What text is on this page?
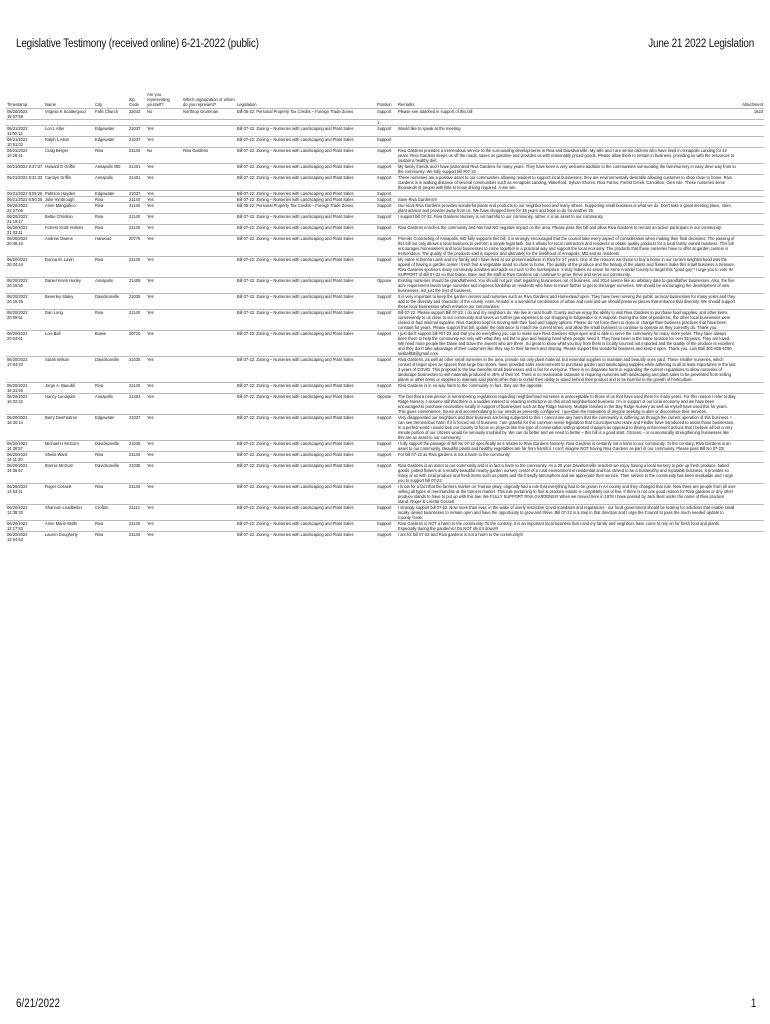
Legislative Testimony (received online) 6-21-2022 (public)	June 21 2022 Legislation
Timestamp	Name	City	Zip Code	Are you representing yourself?	Which organization or whom do you represent?	Legislation	Position	Remarks	Attachment
06/20/2022 15:07:59	Virginia K Scattergood	Falls Church	22042	No	Northrop Grumman	Bill 05-22: Personal Property Tax Credits – Foreign Trade Zones	Support	Please see attached in support of this bill	1923
							1		
06/21/2022 11:00:12	Lori L Alter	Edgewater	21037	Yes		Bill 07-22: Zoning – Nurseries with Landscaping and Plant Sales	Support	Would like to speak at the meeting	
06/21/2022 10:51:02	Ralph L Alton	Edgewater	21037	Yes		Bill 07-22: Zoning – Nurseries with Landscaping and Plant Sales	Support		
06/21/2022 10:28:41	Craig Berger	Riva	21140	No	Riva Gardens	Bill 07-22: Zoning – Nurseries with Landscaping and Plant Sales	Support	Riva Gardens provides a tremendous service to the surrounding developments in Riva and Davidsonville. My wife and I are senior citizens who have lived in Annapolis Landing for 42 years. Riva Gardens keeps us off the roads, saves us gasoline and provides us with reasonably priced goods. Please allow them to remain in business, providing us with the resources to sustain a healthy diet.	
06/21/2022 8:37:37	Howard D Griffin	Annapolis MD	21401	Yes		Bill 07-22: Zoning – Nurseries with Landscaping and Plant Sales	Support	My family friends and I have patronized Riva Gardens for many years. They have been a very welcome addition to the communities surrounding the farm/nursery in easy drive way from to the community. We fully support bill #07-22	
06/21/2022 8:31:33	Carolyn Griffin	Annapolis	21401	Yes		Bill 07-22: Zoning – Nurseries with Landscaping and Plant Sales	Support	These nurseries are a positive asset to our communities allowing resident to support local businesses, they are environmentally desirable allowing customer to shop close to home. Riva Gardens is in walking distance of several communities such as Annapolis Landing, Waterford, Sylvan Shores, Riva Farms, Forest Creek, Carrollton, Glen Isle. These nurseries serve thousands of people with little to know driving required. A win win.	
06/21/2022 8:05:26	Pahtson Hayden	Edgewater	21037	Yes		Bill 07-22: Zoning – Nurseries with Landscaping and Plant Sales	Support		
06/21/2022 6:50:25	Julie Himbrough	Riva	21140	Yes		Bill 07-22: Zoning – Nurseries with Landscaping and Plant Sales	Support	Save Riva Gardens!!!	
06/20/2022 22:27:06	Anne Mangiafico	Riva	21140	Yes		Bill 05-22: Personal Property Tax Credits – Foreign Trade Zones	Support	Our local Riva Gardens provides wonderful plants and products to our neighborhood and many others. Supporting small business is what we do. Don't take a great meeting place, store, plant advisor and provider away from us. We have shopped here for 25 years and hope to do for another 25.	
06/20/2022 21:19:17	Bettie Christian	Riva	21140	Yes		Bill 07-22: Zoning – Nurseries with Landscaping and Plant Sales	Support	I support bill 07-22. Riva Gardens Nursery is not harmful to our community, rather, it is an asset to our community.	
06/20/2022 21:03:11	Forrest Scott Holmes	Riva	21140	Yes		Bill 07-22: Zoning – Nurseries with Landscaping and Plant Sales	Support	Riva Gardens enriches the community and has had NO negative impact on the area. Please pass this bill and allow Riva Gardens to remain an active participant in our community.	
06/20/2022 20:48:43	Andrew Owens	Harwood	20776	Yes		Bill 07-22: Zoning – Nurseries with Landscaping and Plant Sales	Support	Premier Contracting of Annapolis, MD fully supports this bill. It is strongly encouraged that the council take every aspect of consideration when making their final decisions. The passing of this bill not only allows a local business to perform a simple legal task, but it allows for local contractors and residents to obtain quality products for a local family owned business. This bill encourages homeowners and local businesses to come together in a practical way and support the local economy. The products that these nurseries have to offer at garden centers is tremendous. The quality of the products sold is superior and ultimately for the livelihood of Annapolis, MD and its residents.	
06/20/2022 20:34:44	Donna M. Lavin	Riva	21140	Yes		Bill 07-22: Zoning – Nurseries with Landscaping and Plant Sales	Support	My name is Donna Lavin and my family and I have lived at our present address in Riva for 27 years. One of the reasons we chose to buy a home in our current neighborhood was the appeal of having a garden center / fresh fruit & vegetable stand so close to home. The quality of the produce and the beauty of the plants and flowers make this small business a treasure. Riva Gardens sponsors many community activities and adds so much to the marketplace. It truly makes no sense for Anne Arundel County to target this "good guy"! I urge you to vote IN SUPPORT of Bill 07-22 so that Diane, Dave and the staff at Riva Gardens can continue to grow, thrive and serve our community.	
06/20/2022 20:18:50	Daniel Kevin Hurley	Annapolis	21409	Yes		Bill 07-22: Zoning – Nurseries with Landscaping and Plant Sales	Oppose	Existing nurseries should be grandfathered. You should not just start legalizing businesses out of business, and 2014 seems like an arbitrary date to grandfather businesses. Also, the five acre requirement favors large nurseries and imposes hardship on residents who have to travel farther to get to the larger nurseries. We should be encouraging the development of new businesses, not just the rest of business.	
06/20/2022 20:16:45	Beverley Staley	Davidsonville	21035	Yes		Bill 07-22: Zoning – Nurseries with Landscaping and Plant Sales	Support	It is very important to keep the garden centers and nurseries such as Riva Gardens and Homestead open. They have been serving the public as local businesses for many years and they add to the diversity and character of the county. Anne Arundel is a wonderful combination of urban and rural and we should preserve places that enhance that diversity. We should support these local businesses which enhance our communities.	
06/20/2022 20:09:51	Dan Long	Riva	21140	Yes		Bill 07-22: Zoning – Nurseries with Landscaping and Plant Sales	Support	Bill 07-22. Please support Bill 07-22. I do and my neighbors do. We live in rural South County and we enjoy the ability to visit Riva Gardens to purchase food supplies, and other items conveniently to us close to our community and saves us further gas expenses to our shopping in Edgewater or Annapolis. During this time of pandemic, the other local businesses were closed or had minimal supplies. Riva Gardens kept us moving with their food and supply options. Please do not force them to close or change their business practices that have been constant for years. Please support this bill, update the ordinance to match the current times, and allow the small business to continue to operate as they currently do. Thank you.	
06/20/2022 20:04:51	Lois Ball	Bowie	20720	Yes		Bill 07-22: Zoning – Nurseries with Landscaping and Plant Sales	Support	I just don't support bill #07-22 and that you do everything you can to make sure Riva Gardens stays open and is able to serve the community for many more years. They have always been there to help the community not only with what they sell but to give and helping hand when people need it. They have been in the same location for over 25 years. They are loved. We need more people like Diane and Dave the owners who are there. So great to know what you buy from them is locally sourced not imported and the quality of the produce is excellent and they don't take advantage of their customers like they say to their farmers and sharing. Please support this wonderful business and keep it open. Thank you. Lois Ball 301-805-5790 loisball58@gmail.com	
06/20/2022 17:04:23	Sarah Wilson	Davidsonville	21035	Yes		Bill 07-22: Zoning – Nurseries with Landscaping and Plant Sales	Support	Riva Gardens, as well as other small nurseries in the area, provide not only plant material, but essential supplies to maintain and beautify ones yard. These smaller nurseries, which consist of larger open air spaces than large box stores, have provided safer environments to purchase garden and landscaping supplies while adhering to all at least importance in the last 3 years of COVID. This proposal to the law, benefits small businesses and is fair for everyone. There is no disparate harm in expanding the current regulations to allow nurseries of landscape businesses to sell materials produced in 35% of their lot. There is no reasonable rationale in requiring nurseries with landscaping and plant sales to be prevented from selling plants or other items or supplies to maintain said plants other than to curtail their ability to stand behind their product and to be harmful to the growth of horticulture.	
06/20/2022 16:31:56	Jorge A. Baeubli	Riva	21140	Yes		Bill 07-22: Zoning – Nurseries with Landscaping and Plant Sales	Support	Riva Gardens is in no way harm to the community. In fact, they are the opposite.	
06/20/2022 16:02:22	Nancy Lundquist	Annapolis	21403	Yes		Bill 07-22: Zoning – Nurseries with Landscaping and Plant Sales	Oppose	The fact that a new person is reinterpreting regulations regarding neighborhood nurseries is unacceptable to those of us that have used them for many years. For this reason I refer to Bay Ridge Nursery. I assume still that there is a sudden interest in enacting restrictions on this small neighborhood business. I'm in support of our local economy and we have been encouraged to purchase necessities locally in support of businesses such as Bay Ridge Nursery. Multiple families in the Bay Ridge Nursery as well as myself have used this for years. This gives convenience, house and accommodating to our needs as presently configured. I question the motivation of anyone seeking to alter or discontinue their services.	
06/20/2022 15:40:14	Barry DeeFastros	Edgewater	21037	Yes		Bill 07-22: Zoning – Nurseries with Landscaping and Plant Sales	Support	Very disappointed our neighbors and their business are being subjected to this. I cannot see any harm that the community is suffering as through the current operation of this business. I can see tremendous harm if it is forced out of business. I am grateful for this common sense legislation that Councilpersons Haire and Fiedler have introduced to assist those businesses. In a perfect world I would love our County to focus on projects like this type of conversation with proposed changes as opposed to driving enforcement actions that I believe all but a very minute portion of our citizens would be seriously troubled by. We can do better and we need to better – this bill is a good start. Citizens – or economically strengthening businesses like this are an asset to our community.	
06/20/2022 14:38:57	Michael H McGurn	Davidsonville	21035	Yes		Bill 07-22: Zoning – Nurseries with Landscaping and Plant Sales	Support	I fully support the passage of Bill No 07-22 specifically as it relates to Riva Gardens Nursery. Riva Gardens is certainly not a harm to our community. To the contrary, Riva Gardens is an asset to our community. Beautiful plants and healthy vegetables are far from harmful. I can't imagine NOT having Riva Gardens as part of our community. Please pass Bill No 07-22!	
06/20/2022 14:11:20	Sheila Ward	Riva	21140	Yes		Bill 07-22: Zoning – Nurseries with Landscaping and Plant Sales	Support	For bill 07-22 as Riva gardens is not a harm to the community	
06/20/2022 14:06:57	Bonnie McGurn	Davidsonville	21035	Yes		Bill 07-22: Zoning – Nurseries with Landscaping and Plant Sales	Support	Riva Gardens is an asset to our community and is in fact a harm to the community. As a 30 year Davidsonville resident we enjoy having a local nursery to pick up fresh produce, baked goods, potted flowers at a nearby beautiful nearby garden nursery center of a rural environment in residential and has strived to be a trustworthy and reputable business. It provides so many of us with local produce and fresh items such as plants and the friendly atmosphere and we appreciate their service. Their service to the community has been invaluable and I urge you to support bill 07-22.	
06/20/2022 13:53:11	Roger Cossett	Riva	21140	Yes		Bill 07-22: Zoning – Nurseries with Landscaping and Plant Sales	Support	I know for a fact that the farmers market on Truman pkwy, originally had a rule that everything had to be grown in AA county and they changed that rule. Now there are people from all over selling all types of merchandise at the farmers market. This rule pertaining to fruit & produce stands is completely out of line. If there is not one good reason for Riva gardens or any other produce stands to have to put up with this law. We FULLY SUPPORT RIVA GARDENS!!! When we moved here in 1978 I have passed by Jack Best under the name of Riva produce stand. Roger & Loretta Cossett	
06/20/2022 12:38:33	Shannon Leadbetter	Crofton	21114	Yes		Bill 07-22: Zoning – Nurseries with Landscaping and Plant Sales	Support	I strongly support bill 07-22. Now more than ever, in the wake of overly restrictive Covid mandates and regulations - our local government should be looking for solutions that enable small locally owned businesses to remain open and have the opportunity to grow and thrive. Bill 07-22 is a step in that direction and I urge the Council to pass the much needed update to County Code.	
06/20/2022 12:17:53	Anne Marie Wolfe	Riva	21140	Yes		Bill 07-22: Zoning – Nurseries with Landscaping and Plant Sales	Support	Riva Gardens is NOT a harm to the community. To the contrary, it is an important local business that I and my family and neighbors have come to rely on for fresh food and plants. Especially during the pandemic! Do NOT shut it down!!!	
06/20/2022 12:04:53	Lauren Dougherty	Riva	21140	Yes		Bill 07-22: Zoning – Nurseries with Landscaping and Plant Sales	Support	I am for bill 07-22 and Riva gardens is not a harm to the community!!!	
6/21/2022	1
